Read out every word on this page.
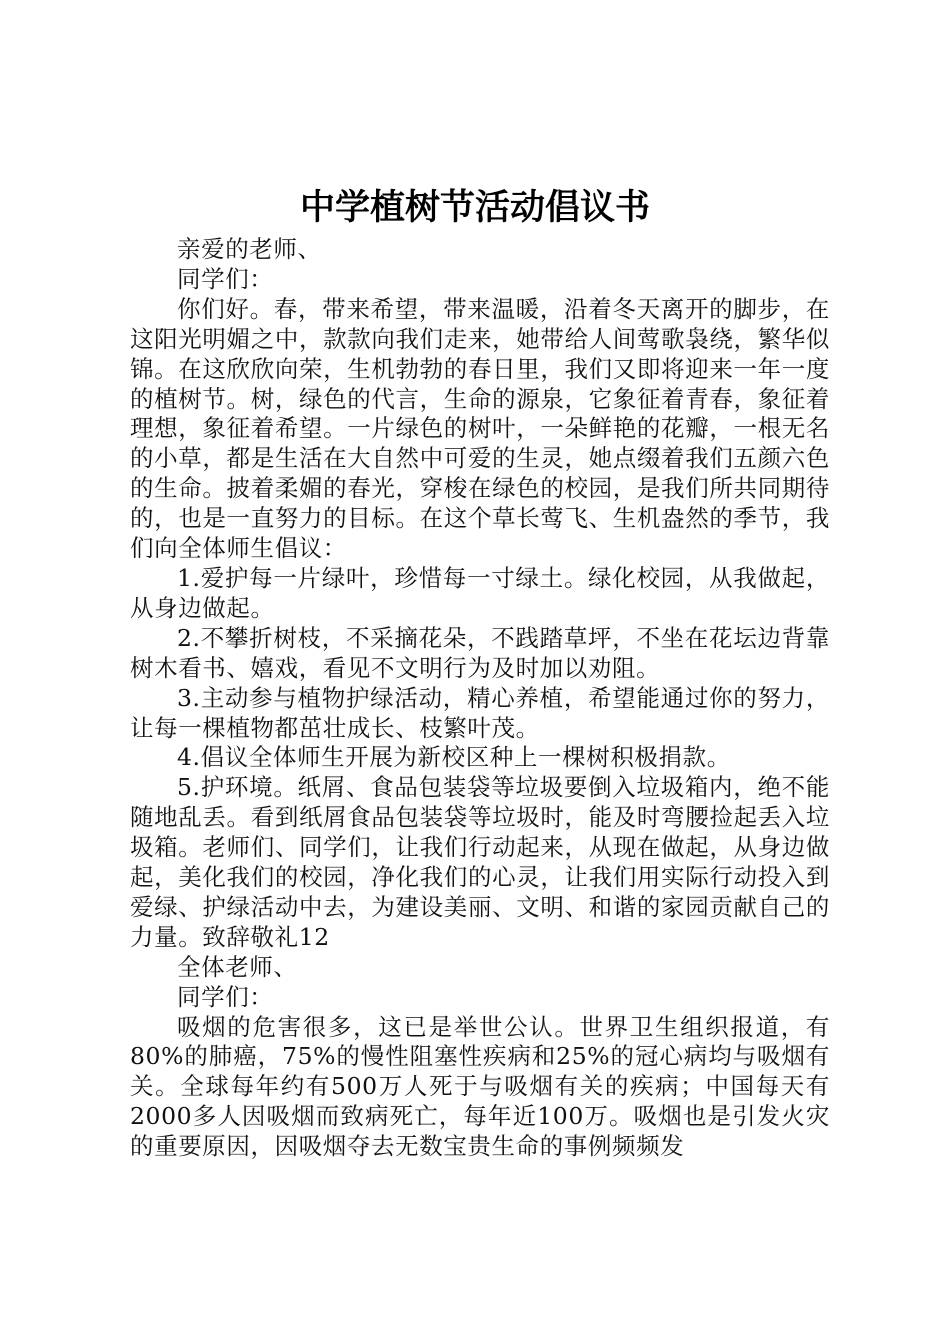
中学植树节活动倡议书

亲爱的老师、

同学们：

你们好。春，带来希望，带来温暖，沿着冬天离开的脚步，在这阳光明媚之中，款款向我们走来，她带给人间莺歌袅绕，繁华似锦。在这欣欣向荣，生机勃勃的春日里，我们又即将迎来一年一度的植树节。树，绿色的代言，生命的源泉，它象征着青春，象征着理想，象征着希望。一片绿色的树叶，一朵鲜艳的花瓣，一根无名的小草，都是生活在大自然中可爱的生灵，她点缀着我们五颜六色的生命。披着柔媚的春光，穿梭在绿色的校园，是我们所共同期待的，也是一直努力的目标。在这个草长莺飞、生机盎然的季节，我们向全体师生倡议：

1.爱护每一片绿叶，珍惜每一寸绿土。绿化校园，从我做起，从身边做起。

2.不攀折树枝，不采摘花朵，不践踏草坪，不坐在花坛边背靠树木看书、嬉戏，看见不文明行为及时加以劝阻。

3.主动参与植物护绿活动，精心养植，希望能通过你的努力，让每一棵植物都茁壮成长、枝繁叶茂。

4.倡议全体师生开展为新校区种上一棵树积极捐款。

5.护环境。纸屑、食品包装袋等垃圾要倒入垃圾箱内，绝不能随地乱丢。看到纸屑食品包装袋等垃圾时，能及时弯腰捡起丢入垃圾箱。老师们、同学们，让我们行动起来，从现在做起，从身边做起，美化我们的校园，净化我们的心灵，让我们用实际行动投入到爱绿、护绿活动中去，为建设美丽、文明、和谐的家园贡献自己的力量。致辞敬礼12

全体老师、

同学们：

吸烟的危害很多，这已是举世公认。世界卫生组织报道，有80%的肺癌，75%的慢性阻塞性疾病和25%的冠心病均与吸烟有关。全球每年约有500万人死于与吸烟有关的疾病；中国每天有2000多人因吸烟而致病死亡，每年近100万。吸烟也是引发火灾的重要原因，因吸烟夺去无数宝贵生命的事例频频发
